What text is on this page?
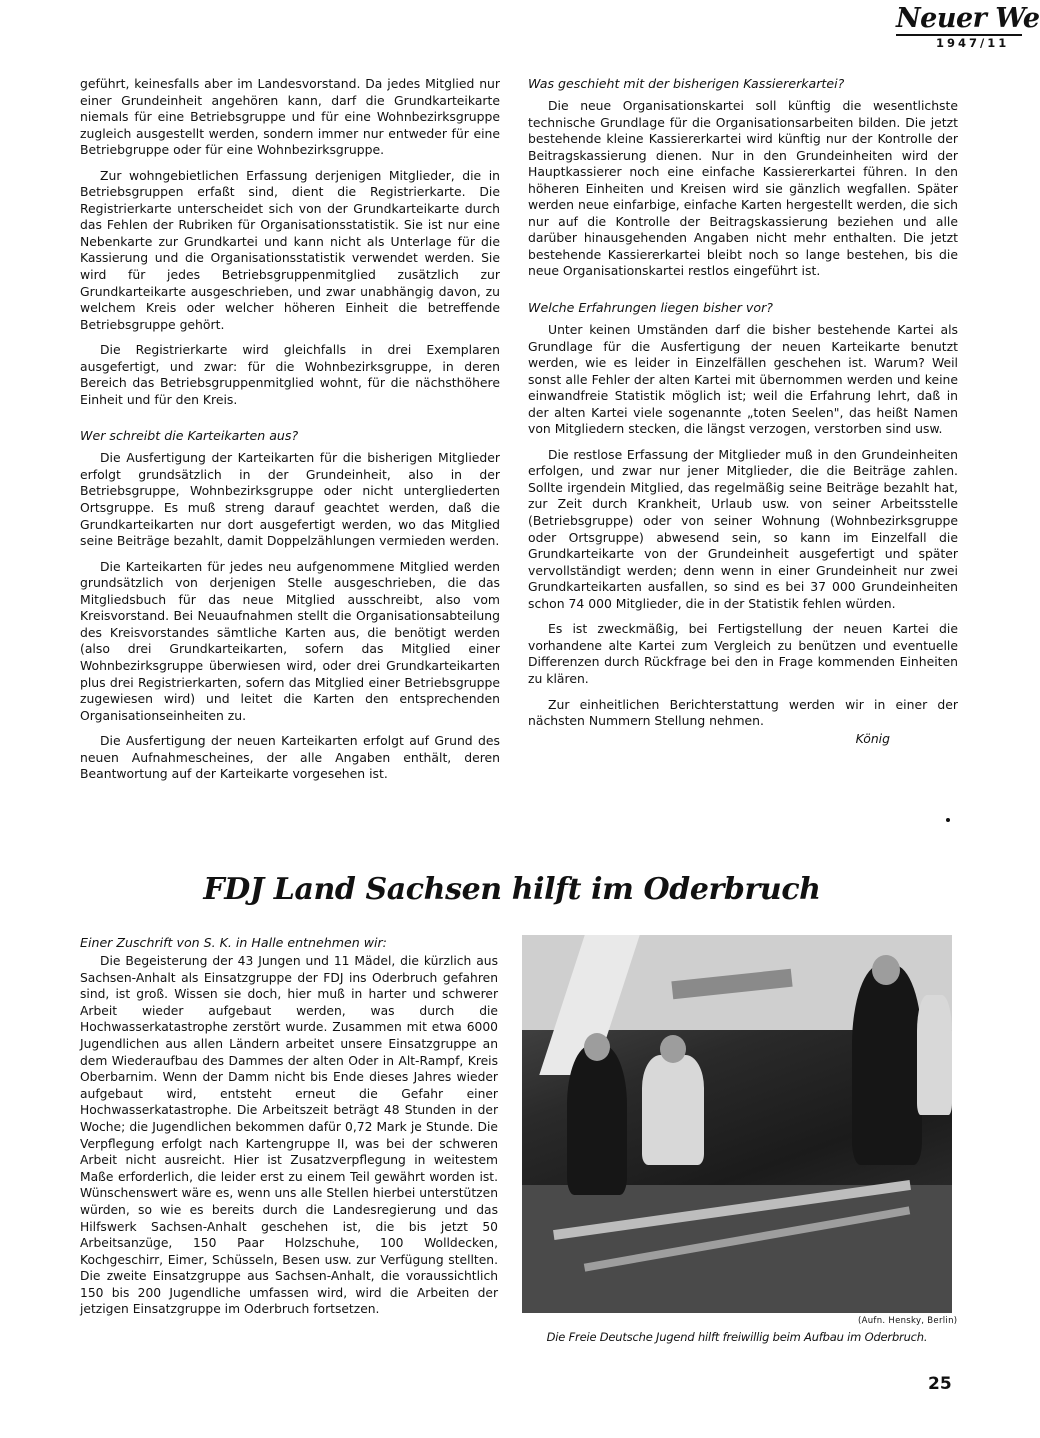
Neuer We
1947/11

geführt, keinesfalls aber im Landesvorstand. Da jedes Mitglied nur einer Grundeinheit angehören kann, darf die Grundkarteikarte niemals für eine Betriebsgruppe und für eine Wohnbezirksgruppe zugleich ausgestellt werden, sondern immer nur entweder für eine Betriebgruppe oder für eine Wohnbezirksgruppe.

Zur wohngebietlichen Erfassung derjenigen Mitglieder, die in Betriebsgruppen erfaßt sind, dient die Registrierkarte. Die Registrierkarte unterscheidet sich von der Grundkarteikarte durch das Fehlen der Rubriken für Organisationsstatistik. Sie ist nur eine Nebenkarte zur Grundkartei und kann nicht als Unterlage für die Kassierung und die Organisationsstatistik verwendet werden. Sie wird für jedes Betriebsgruppenmitglied zusätzlich zur Grundkarteikarte ausgeschrieben, und zwar unabhängig davon, zu welchem Kreis oder welcher höheren Einheit die betreffende Betriebsgruppe gehört.

Die Registrierkarte wird gleichfalls in drei Exemplaren ausgefertigt, und zwar: für die Wohnbezirksgruppe, in deren Bereich das Betriebsgruppenmitglied wohnt, für die nächsthöhere Einheit und für den Kreis.

Wer schreibt die Karteikarten aus?

Die Ausfertigung der Karteikarten für die bisherigen Mitglieder erfolgt grundsätzlich in der Grundeinheit, also in der Betriebsgruppe, Wohnbezirksgruppe oder nicht untergliederten Ortsgruppe. Es muß streng darauf geachtet werden, daß die Grundkarteikarten nur dort ausgefertigt werden, wo das Mitglied seine Beiträge bezahlt, damit Doppelzählungen vermieden werden.

Die Karteikarten für jedes neu aufgenommene Mitglied werden grundsätzlich von derjenigen Stelle ausgeschrieben, die das Mitgliedsbuch für das neue Mitglied ausschreibt, also vom Kreisvorstand. Bei Neuaufnahmen stellt die Organisationsabteilung des Kreisvorstandes sämtliche Karten aus, die benötigt werden (also drei Grundkarteikarten, sofern das Mitglied einer Wohnbezirksgruppe überwiesen wird, oder drei Grundkarteikarten plus drei Registrierkarten, sofern das Mitglied einer Betriebsgruppe zugewiesen wird) und leitet die Karten den entsprechenden Organisationseinheiten zu.

Die Ausfertigung der neuen Karteikarten erfolgt auf Grund des neuen Aufnahmescheines, der alle Angaben enthält, deren Beantwortung auf der Karteikarte vorgesehen ist.

Was geschieht mit der bisherigen Kassiererkartei?

Die neue Organisationskartei soll künftig die wesentlichste technische Grundlage für die Organisationsarbeiten bilden. Die jetzt bestehende kleine Kassiererkartei wird künftig nur der Kontrolle der Beitragskassierung dienen. Nur in den Grundeinheiten wird der Hauptkassierer noch eine einfache Kassiererkartei führen. In den höheren Einheiten und Kreisen wird sie gänzlich wegfallen. Später werden neue einfarbige, einfache Karten hergestellt werden, die sich nur auf die Kontrolle der Beitragskassierung beziehen und alle darüber hinausgehenden Angaben nicht mehr enthalten. Die jetzt bestehende Kassiererkartei bleibt noch so lange bestehen, bis die neue Organisationskartei restlos eingeführt ist.

Welche Erfahrungen liegen bisher vor?

Unter keinen Umständen darf die bisher bestehende Kartei als Grundlage für die Ausfertigung der neuen Karteikarte benutzt werden, wie es leider in Einzelfällen geschehen ist. Warum? Weil sonst alle Fehler der alten Kartei mit übernommen werden und keine einwandfreie Statistik möglich ist; weil die Erfahrung lehrt, daß in der alten Kartei viele sogenannte „toten Seelen", das heißt Namen von Mitgliedern stecken, die längst verzogen, verstorben sind usw.

Die restlose Erfassung der Mitglieder muß in den Grundeinheiten erfolgen, und zwar nur jener Mitglieder, die die Beiträge zahlen. Sollte irgendein Mitglied, das regelmäßig seine Beiträge bezahlt hat, zur Zeit durch Krankheit, Urlaub usw. von seiner Arbeitsstelle (Betriebsgruppe) oder von seiner Wohnung (Wohnbezirksgruppe oder Ortsgruppe) abwesend sein, so kann im Einzelfall die Grundkarteikarte von der Grundeinheit ausgefertigt und später vervollständigt werden; denn wenn in einer Grundeinheit nur zwei Grundkarteikarten ausfallen, so sind es bei 37 000 Grundeinheiten schon 74 000 Mitglieder, die in der Statistik fehlen würden.

Es ist zweckmäßig, bei Fertigstellung der neuen Kartei die vorhandene alte Kartei zum Vergleich zu benützen und eventuelle Differenzen durch Rückfrage bei den in Frage kommenden Einheiten zu klären.

Zur einheitlichen Berichterstattung werden wir in einer der nächsten Nummern Stellung nehmen.

König

FDJ Land Sachsen hilft im Oderbruch
Einer Zuschrift von S. K. in Halle entnehmen wir:

Die Begeisterung der 43 Jungen und 11 Mädel, die kürzlich aus Sachsen-Anhalt als Einsatzgruppe der FDJ ins Oderbruch gefahren sind, ist groß. Wissen sie doch, hier muß in harter und schwerer Arbeit wieder aufgebaut werden, was durch die Hochwasserkatastrophe zerstört wurde. Zusammen mit etwa 6000 Jugendlichen aus allen Ländern arbeitet unsere Einsatzgruppe an dem Wiederaufbau des Dammes der alten Oder in Alt-Rampf, Kreis Oberbarnim. Wenn der Damm nicht bis Ende dieses Jahres wieder aufgebaut wird, entsteht erneut die Gefahr einer Hochwasserkatastrophe. Die Arbeitszeit beträgt 48 Stunden in der Woche; die Jugendlichen bekommen dafür 0,72 Mark je Stunde. Die Verpflegung erfolgt nach Kartengruppe II, was bei der schweren Arbeit nicht ausreicht. Hier ist Zusatzverpflegung in weitestem Maße erforderlich, die leider erst zu einem Teil gewährt worden ist. Wünschenswert wäre es, wenn uns alle Stellen hierbei unterstützen würden, so wie es bereits durch die Landesregierung und das Hilfswerk Sachsen-Anhalt geschehen ist, die bis jetzt 50 Arbeitsanzüge, 150 Paar Holzschuhe, 100 Wolldecken, Kochgeschirr, Eimer, Schüsseln, Besen usw. zur Verfügung stellten. Die zweite Einsatzgruppe aus Sachsen-Anhalt, die voraussichtlich 150 bis 200 Jugendliche umfassen wird, wird die Arbeiten der jetzigen Einsatzgruppe im Oderbruch fortsetzen.

(Aufn. Hensky, Berlin)
Die Freie Deutsche Jugend hilft freiwillig beim Aufbau im Oderbruch.
25
